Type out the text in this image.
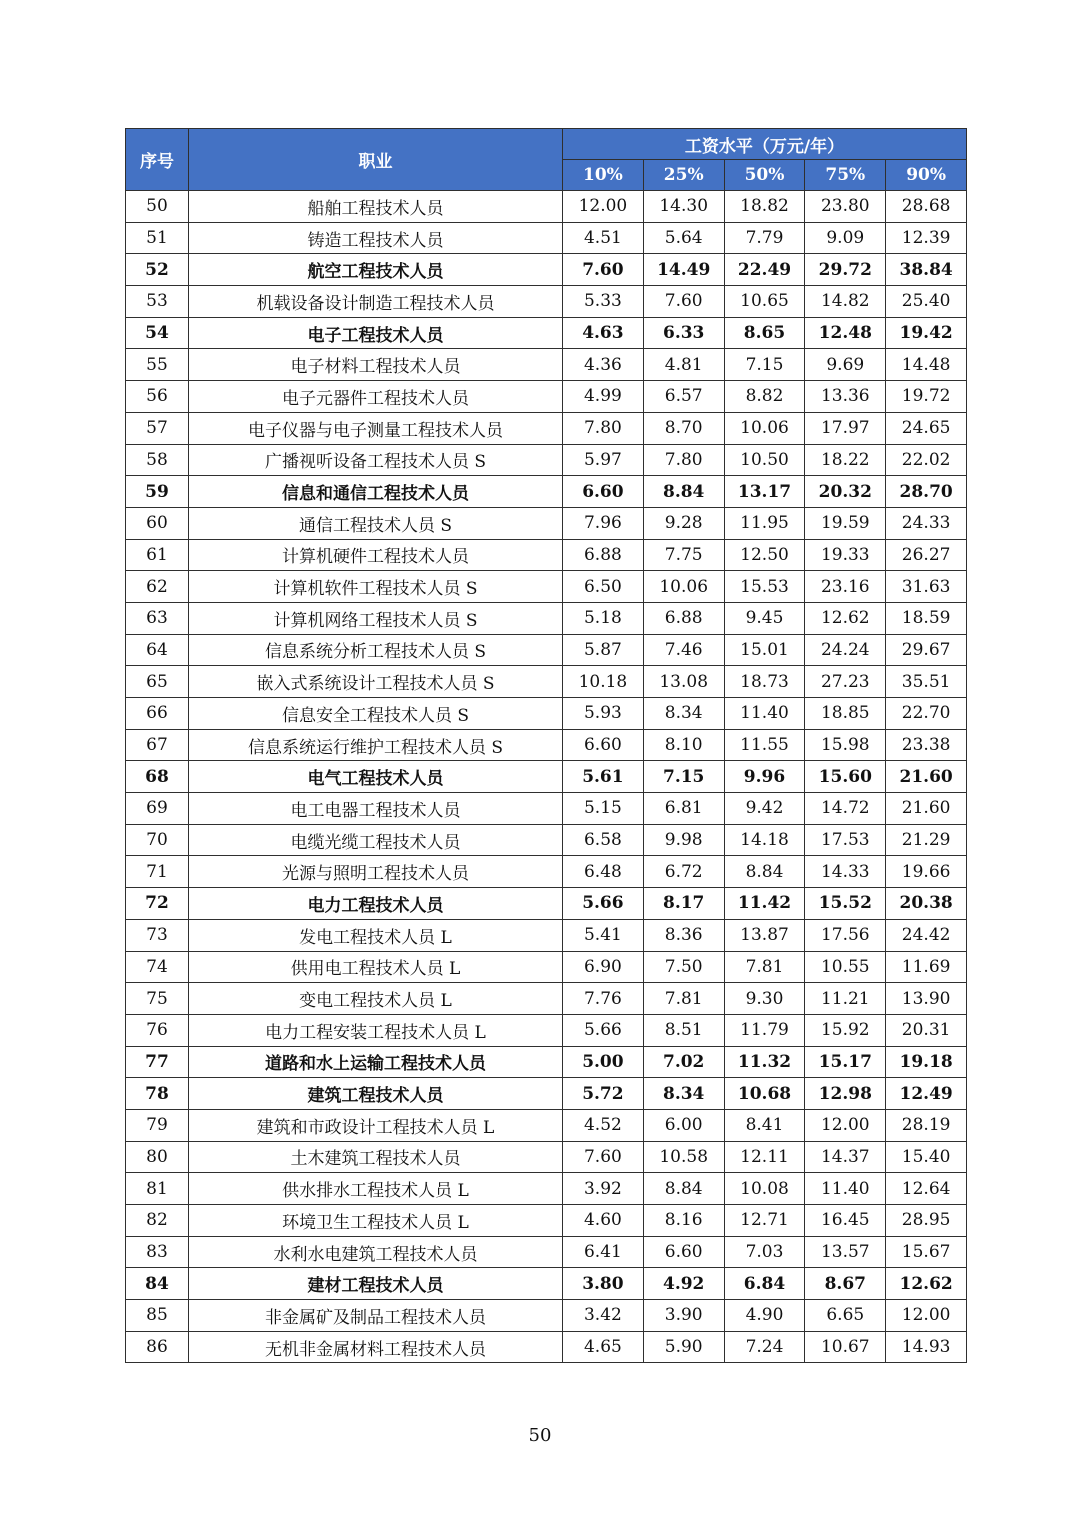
序号	职业	工资水平（万元/年）				
		10%	25%	50%	75%	90%
50	船舶工程技术人员	12.00	14.30	18.82	23.80	28.68
51	铸造工程技术人员	4.51	5.64	7.79	9.09	12.39
52	航空工程技术人员	7.60	14.49	22.49	29.72	38.84
53	机载设备设计制造工程技术人员	5.33	7.60	10.65	14.82	25.40
54	电子工程技术人员	4.63	6.33	8.65	12.48	19.42
55	电子材料工程技术人员	4.36	4.81	7.15	9.69	14.48
56	电子元器件工程技术人员	4.99	6.57	8.82	13.36	19.72
57	电子仪器与电子测量工程技术人员	7.80	8.70	10.06	17.97	24.65
58	广播视听设备工程技术人员 S	5.97	7.80	10.50	18.22	22.02
59	信息和通信工程技术人员	6.60	8.84	13.17	20.32	28.70
60	通信工程技术人员 S	7.96	9.28	11.95	19.59	24.33
61	计算机硬件工程技术人员	6.88	7.75	12.50	19.33	26.27
62	计算机软件工程技术人员 S	6.50	10.06	15.53	23.16	31.63
63	计算机网络工程技术人员 S	5.18	6.88	9.45	12.62	18.59
64	信息系统分析工程技术人员 S	5.87	7.46	15.01	24.24	29.67
65	嵌入式系统设计工程技术人员 S	10.18	13.08	18.73	27.23	35.51
66	信息安全工程技术人员 S	5.93	8.34	11.40	18.85	22.70
67	信息系统运行维护工程技术人员 S	6.60	8.10	11.55	15.98	23.38
68	电气工程技术人员	5.61	7.15	9.96	15.60	21.60
69	电工电器工程技术人员	5.15	6.81	9.42	14.72	21.60
70	电缆光缆工程技术人员	6.58	9.98	14.18	17.53	21.29
71	光源与照明工程技术人员	6.48	6.72	8.84	14.33	19.66
72	电力工程技术人员	5.66	8.17	11.42	15.52	20.38
73	发电工程技术人员 L	5.41	8.36	13.87	17.56	24.42
74	供用电工程技术人员 L	6.90	7.50	7.81	10.55	11.69
75	变电工程技术人员 L	7.76	7.81	9.30	11.21	13.90
76	电力工程安装工程技术人员 L	5.66	8.51	11.79	15.92	20.31
77	道路和水上运输工程技术人员	5.00	7.02	11.32	15.17	19.18
78	建筑工程技术人员	5.72	8.34	10.68	12.98	12.49
79	建筑和市政设计工程技术人员 L	4.52	6.00	8.41	12.00	28.19
80	土木建筑工程技术人员	7.60	10.58	12.11	14.37	15.40
81	供水排水工程技术人员 L	3.92	8.84	10.08	11.40	12.64
82	环境卫生工程技术人员 L	4.60	8.16	12.71	16.45	28.95
83	水利水电建筑工程技术人员	6.41	6.60	7.03	13.57	15.67
84	建材工程技术人员	3.80	4.92	6.84	8.67	12.62
85	非金属矿及制品工程技术人员	3.42	3.90	4.90	6.65	12.00
86	无机非金属材料工程技术人员	4.65	5.90	7.24	10.67	14.93
50
